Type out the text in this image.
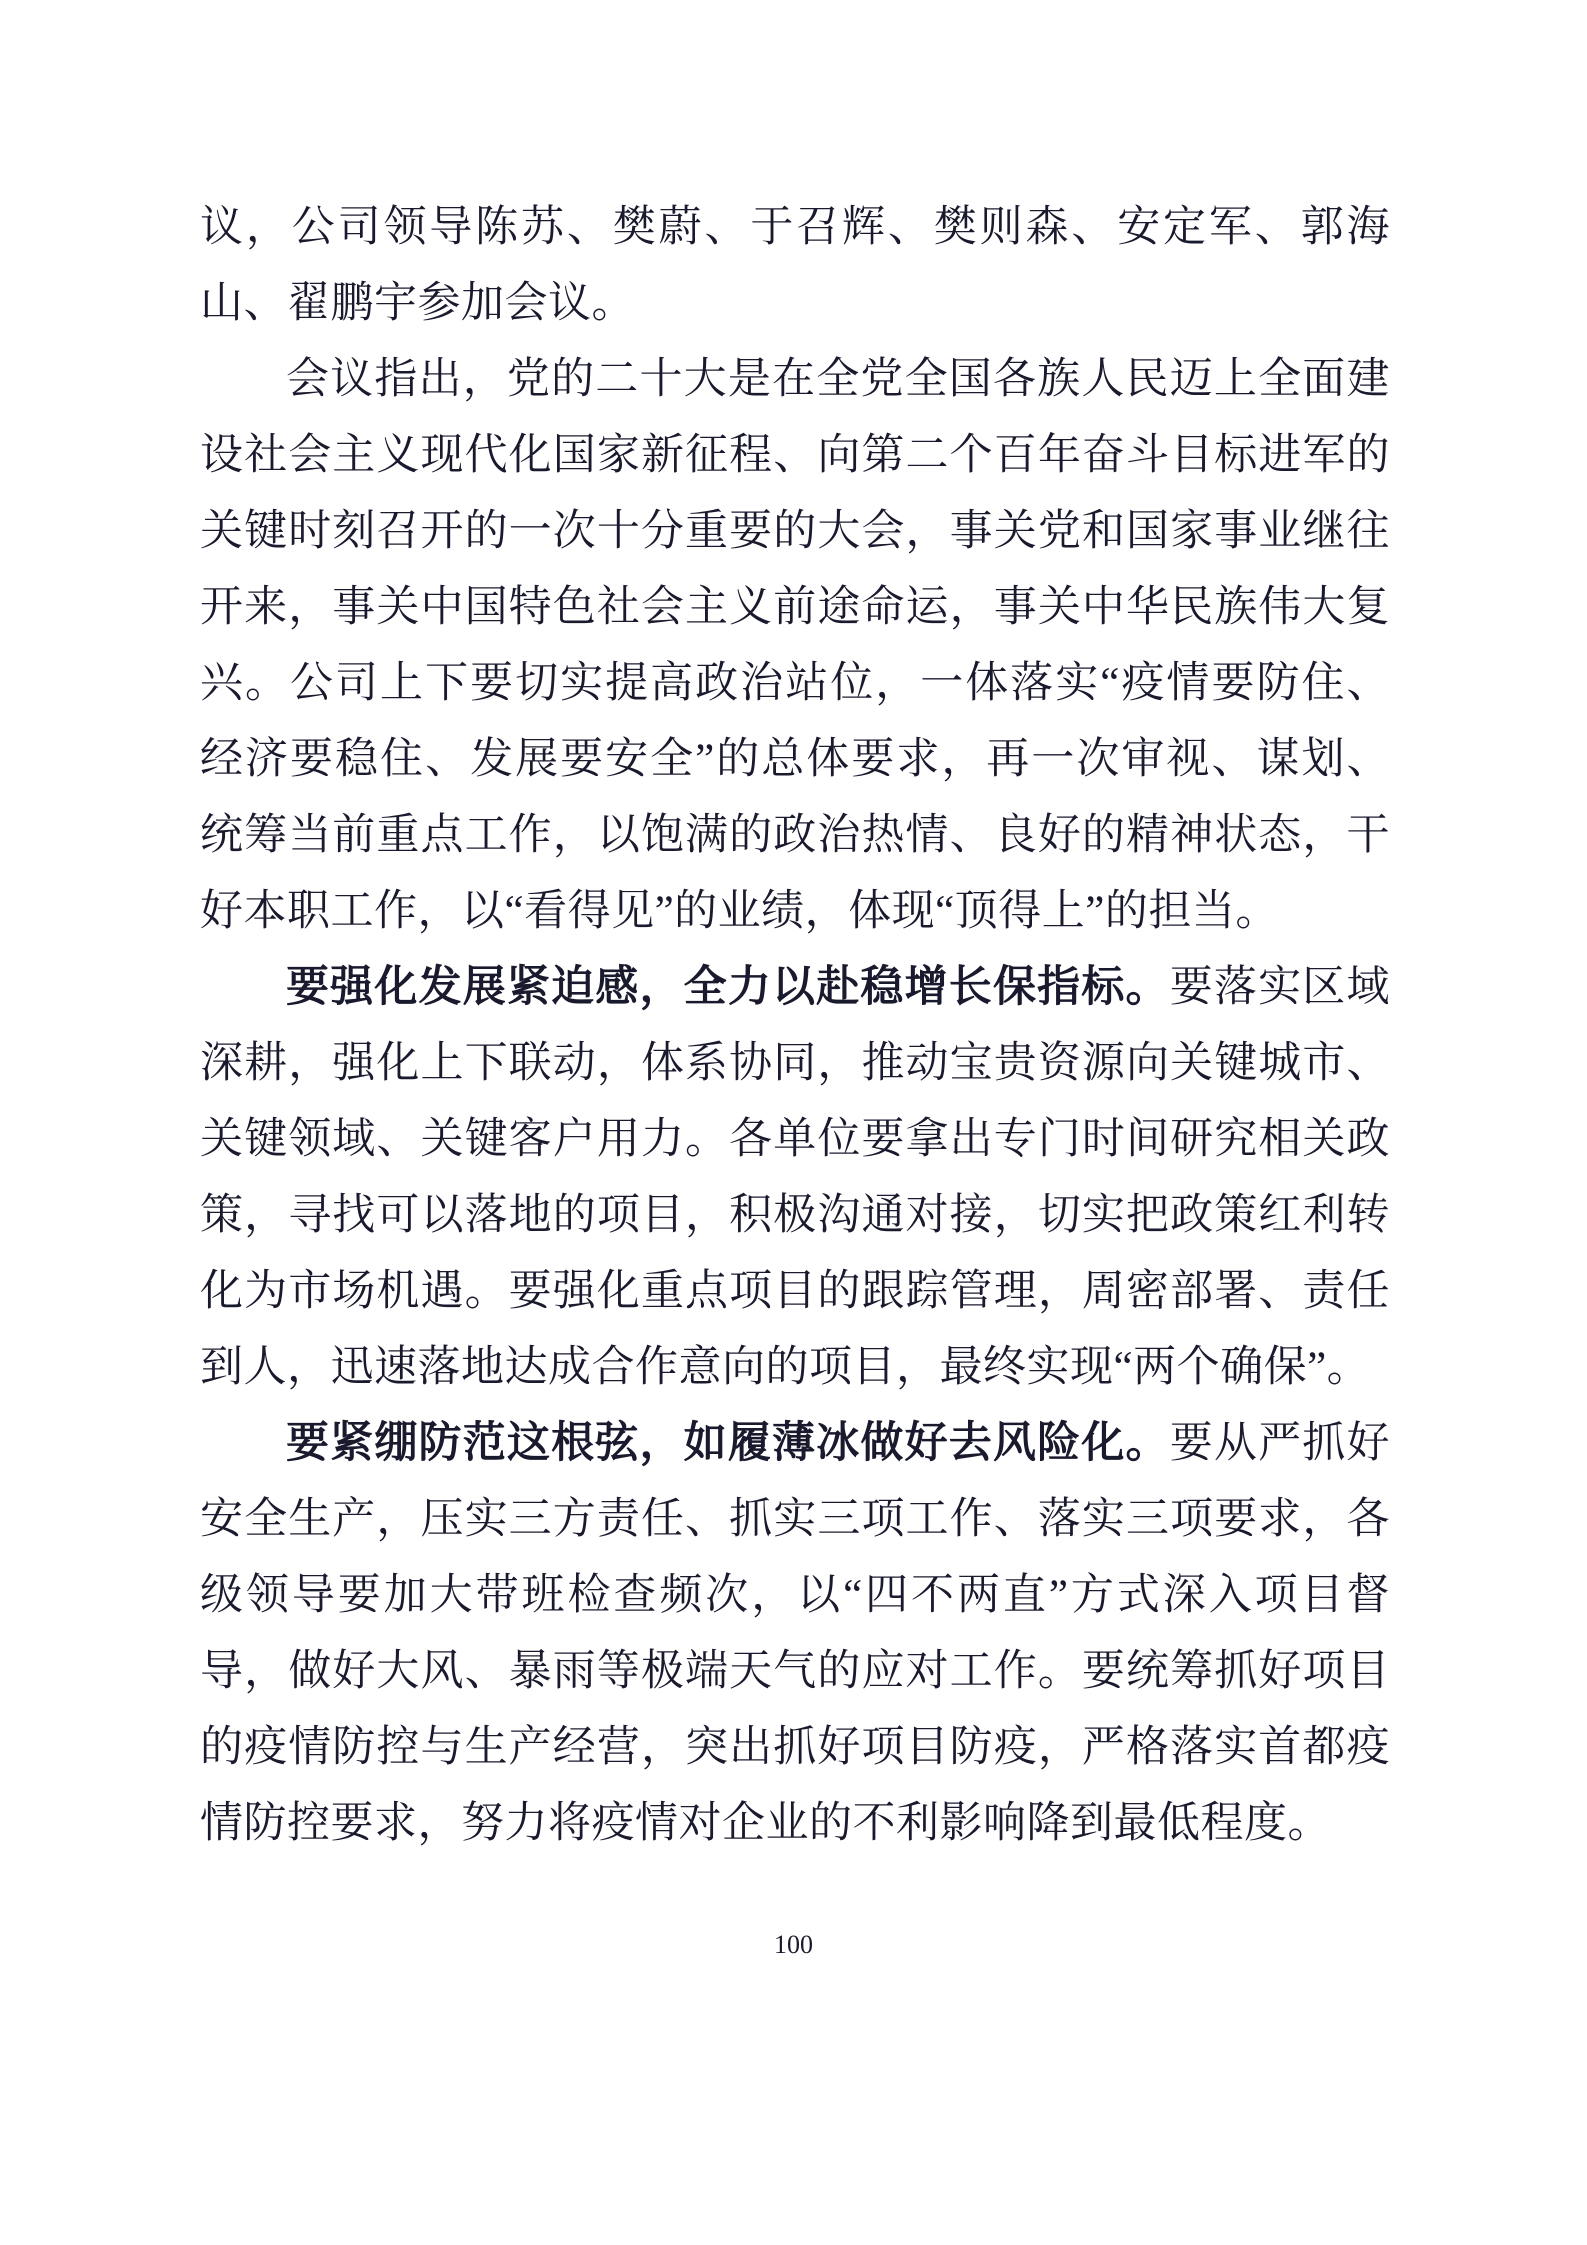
议，公司领导陈苏、樊蔚、于召辉、樊则森、安定军、郭海山、翟鹏宇参加会议。

会议指出，党的二十大是在全党全国各族人民迈上全面建设社会主义现代化国家新征程、向第二个百年奋斗目标进军的关键时刻召开的一次十分重要的大会，事关党和国家事业继往开来，事关中国特色社会主义前途命运，事关中华民族伟大复兴。公司上下要切实提高政治站位，一体落实“疫情要防住、经济要稳住、发展要安全”的总体要求，再一次审视、谋划、统筹当前重点工作，以饱满的政治热情、良好的精神状态，干好本职工作，以“看得见”的业绩，体现“顶得上”的担当。

要强化发展紧迫感，全力以赴稳增长保指标。要落实区域深耕，强化上下联动，体系协同，推动宝贵资源向关键城市、关键领域、关键客户用力。各单位要拿出专门时间研究相关政策，寻找可以落地的项目，积极沟通对接，切实把政策红利转化为市场机遇。要强化重点项目的跟踪管理，周密部署、责任到人，迅速落地达成合作意向的项目，最终实现“两个确保”。

要紧绷防范这根弦，如履薄冰做好去风险化。要从严抓好安全生产，压实三方责任、抓实三项工作、落实三项要求，各级领导要加大带班检查频次，以“四不两直”方式深入项目督导，做好大风、暴雨等极端天气的应对工作。要统筹抓好项目的疫情防控与生产经营，突出抓好项目防疫，严格落实首都疫情防控要求，努力将疫情对企业的不利影响降到最低程度。

100
